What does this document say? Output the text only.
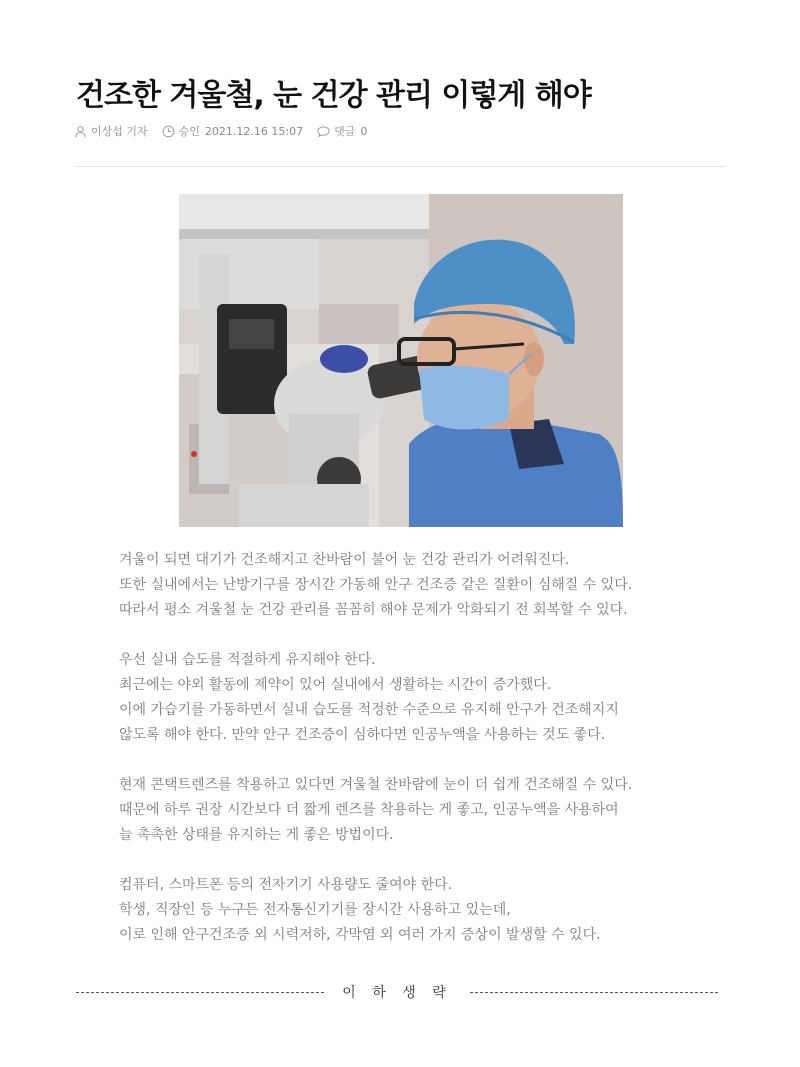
건조한 겨울철, 눈 건강 관리 이렇게 해야
이상섭 기자	승인 2021.12.16 15:07	댓글 0

겨울이 되면 대기가 건조해지고 찬바람이 불어 눈 건강 관리가 어려워진다.
또한 실내에서는 난방기구를 장시간 가동해 안구 건조증 같은 질환이 심해질 수 있다.
따라서 평소 겨울철 눈 건강 관리를 꼼꼼히 해야 문제가 악화되기 전 회복할 수 있다.

우선 실내 습도를 적절하게 유지해야 한다.
최근에는 야외 활동에 제약이 있어 실내에서 생활하는 시간이 증가했다.
이에 가습기를 가동하면서 실내 습도를 적정한 수준으로 유지해 안구가 건조해지지
않도록 해야 한다. 만약 안구 건조증이 심하다면 인공누액을 사용하는 것도 좋다.

현재 콘택트렌즈를 착용하고 있다면 겨울철 찬바람에 눈이 더 쉽게 건조해질 수 있다.
때문에 하루 권장 시간보다 더 짧게 렌즈를 착용하는 게 좋고, 인공누액을 사용하여
늘 촉촉한 상태를 유지하는 게 좋은 방법이다.

컴퓨터, 스마트폰 등의 전자기기 사용량도 줄여야 한다.
학생, 직장인 등 누구든 전자통신기기를 장시간 사용하고 있는데,
이로 인해 안구건조증 외 시력저하, 각막염 외 여러 가지 증상이 발생할 수 있다.

이 하 생 략
